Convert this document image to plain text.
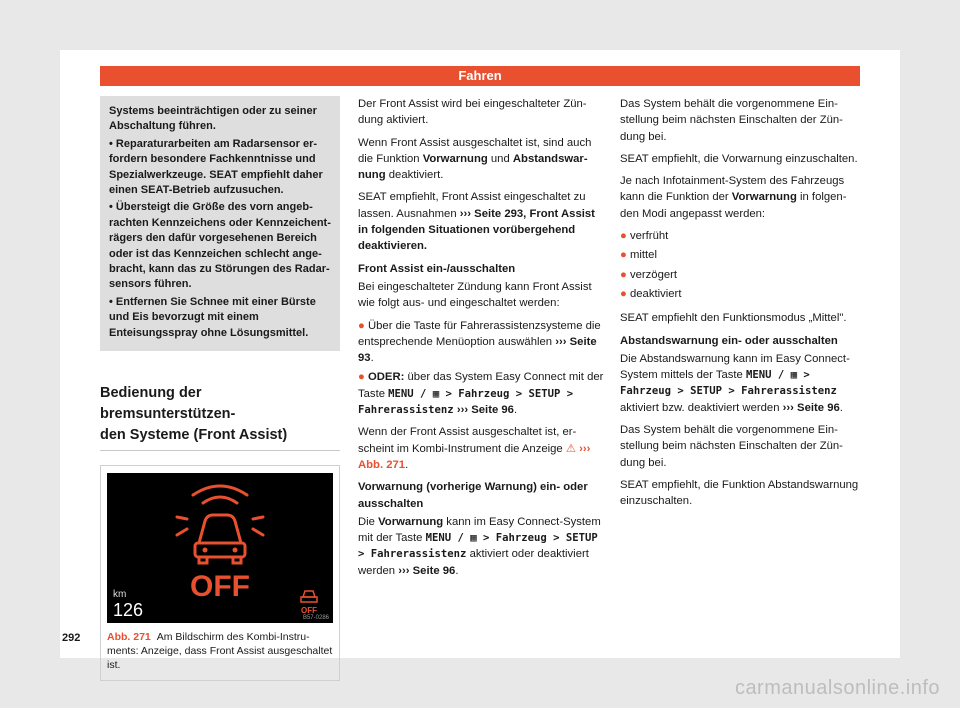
Fahren

Systems beeinträchtigen oder zu seiner Abschaltung führen.

• Reparaturarbeiten am Radarsensor erfordern besondere Fachkenntnisse und Spezialwerkzeuge. SEAT empfiehlt daher einen SEAT-Betrieb aufzusuchen.

• Übersteigt die Größe des vorn angebrachten Kennzeichens oder Kennzeichenträgers den dafür vorgesehenen Bereich oder ist das Kennzeichen schlecht angebracht, kann das zu Störungen des Radarsensors führen.

• Entfernen Sie Schnee mit einer Bürste und Eis bevorzugt mit einem Enteisungsspray ohne Lösungsmittel.

Bedienung der bremsunterstützen-
den Systeme (Front Assist)
OFF
km
126	OFF
B57-0286
Abb. 271 Am Bildschirm des Kombi-Instruments: Anzeige, dass Front Assist ausgeschaltet ist.

Der Front Assist wird bei eingeschalteter Zündung aktiviert.

Wenn Front Assist ausgeschaltet ist, sind auch die Funktion Vorwarnung und Abstandswarnung deaktiviert.

SEAT empfiehlt, Front Assist eingeschaltet zu lassen. Ausnahmen ››› Seite 293, Front Assist in folgenden Situationen vorübergehend deaktivieren.

Front Assist ein-/ausschalten

Bei eingeschalteter Zündung kann Front Assist wie folgt aus- und eingeschaltet werden:

● Über die Taste für Fahrerassistenzsysteme die entsprechende Menüoption auswählen ››› Seite 93.
● ODER: über das System Easy Connect mit der Taste MENU / ▦ > Fahrzeug > SETUP > Fahrerassistenz ››› Seite 96.

Wenn der Front Assist ausgeschaltet ist, erscheint im Kombi-Instrument die Anzeige ⚠ ››› Abb. 271.

Vorwarnung (vorherige Warnung) ein- oder ausschalten

Die Vorwarnung kann im Easy Connect-System mit der Taste MENU / ▦ > Fahrzeug > SETUP > Fahrerassistenz aktiviert oder deaktiviert werden ››› Seite 96.

Das System behält die vorgenommene Einstellung beim nächsten Einschalten der Zündung bei.

SEAT empfiehlt, die Vorwarnung einzuschalten.

Je nach Infotainment-System des Fahrzeugs kann die Funktion der Vorwarnung in folgenden Modi angepasst werden:

● verfrüht
● mittel
● verzögert
● deaktiviert

SEAT empfiehlt den Funktionsmodus „Mittel".

Abstandswarnung ein- oder ausschalten

Die Abstandswarnung kann im Easy Connect-System mittels der Taste MENU / ▦ > Fahrzeug > SETUP > Fahrerassistenz aktiviert bzw. deaktiviert werden ››› Seite 96.

Das System behält die vorgenommene Einstellung beim nächsten Einschalten der Zündung bei.

SEAT empfiehlt, die Funktion Abstandswarnung einzuschalten.

292
carmanualsonline.info
